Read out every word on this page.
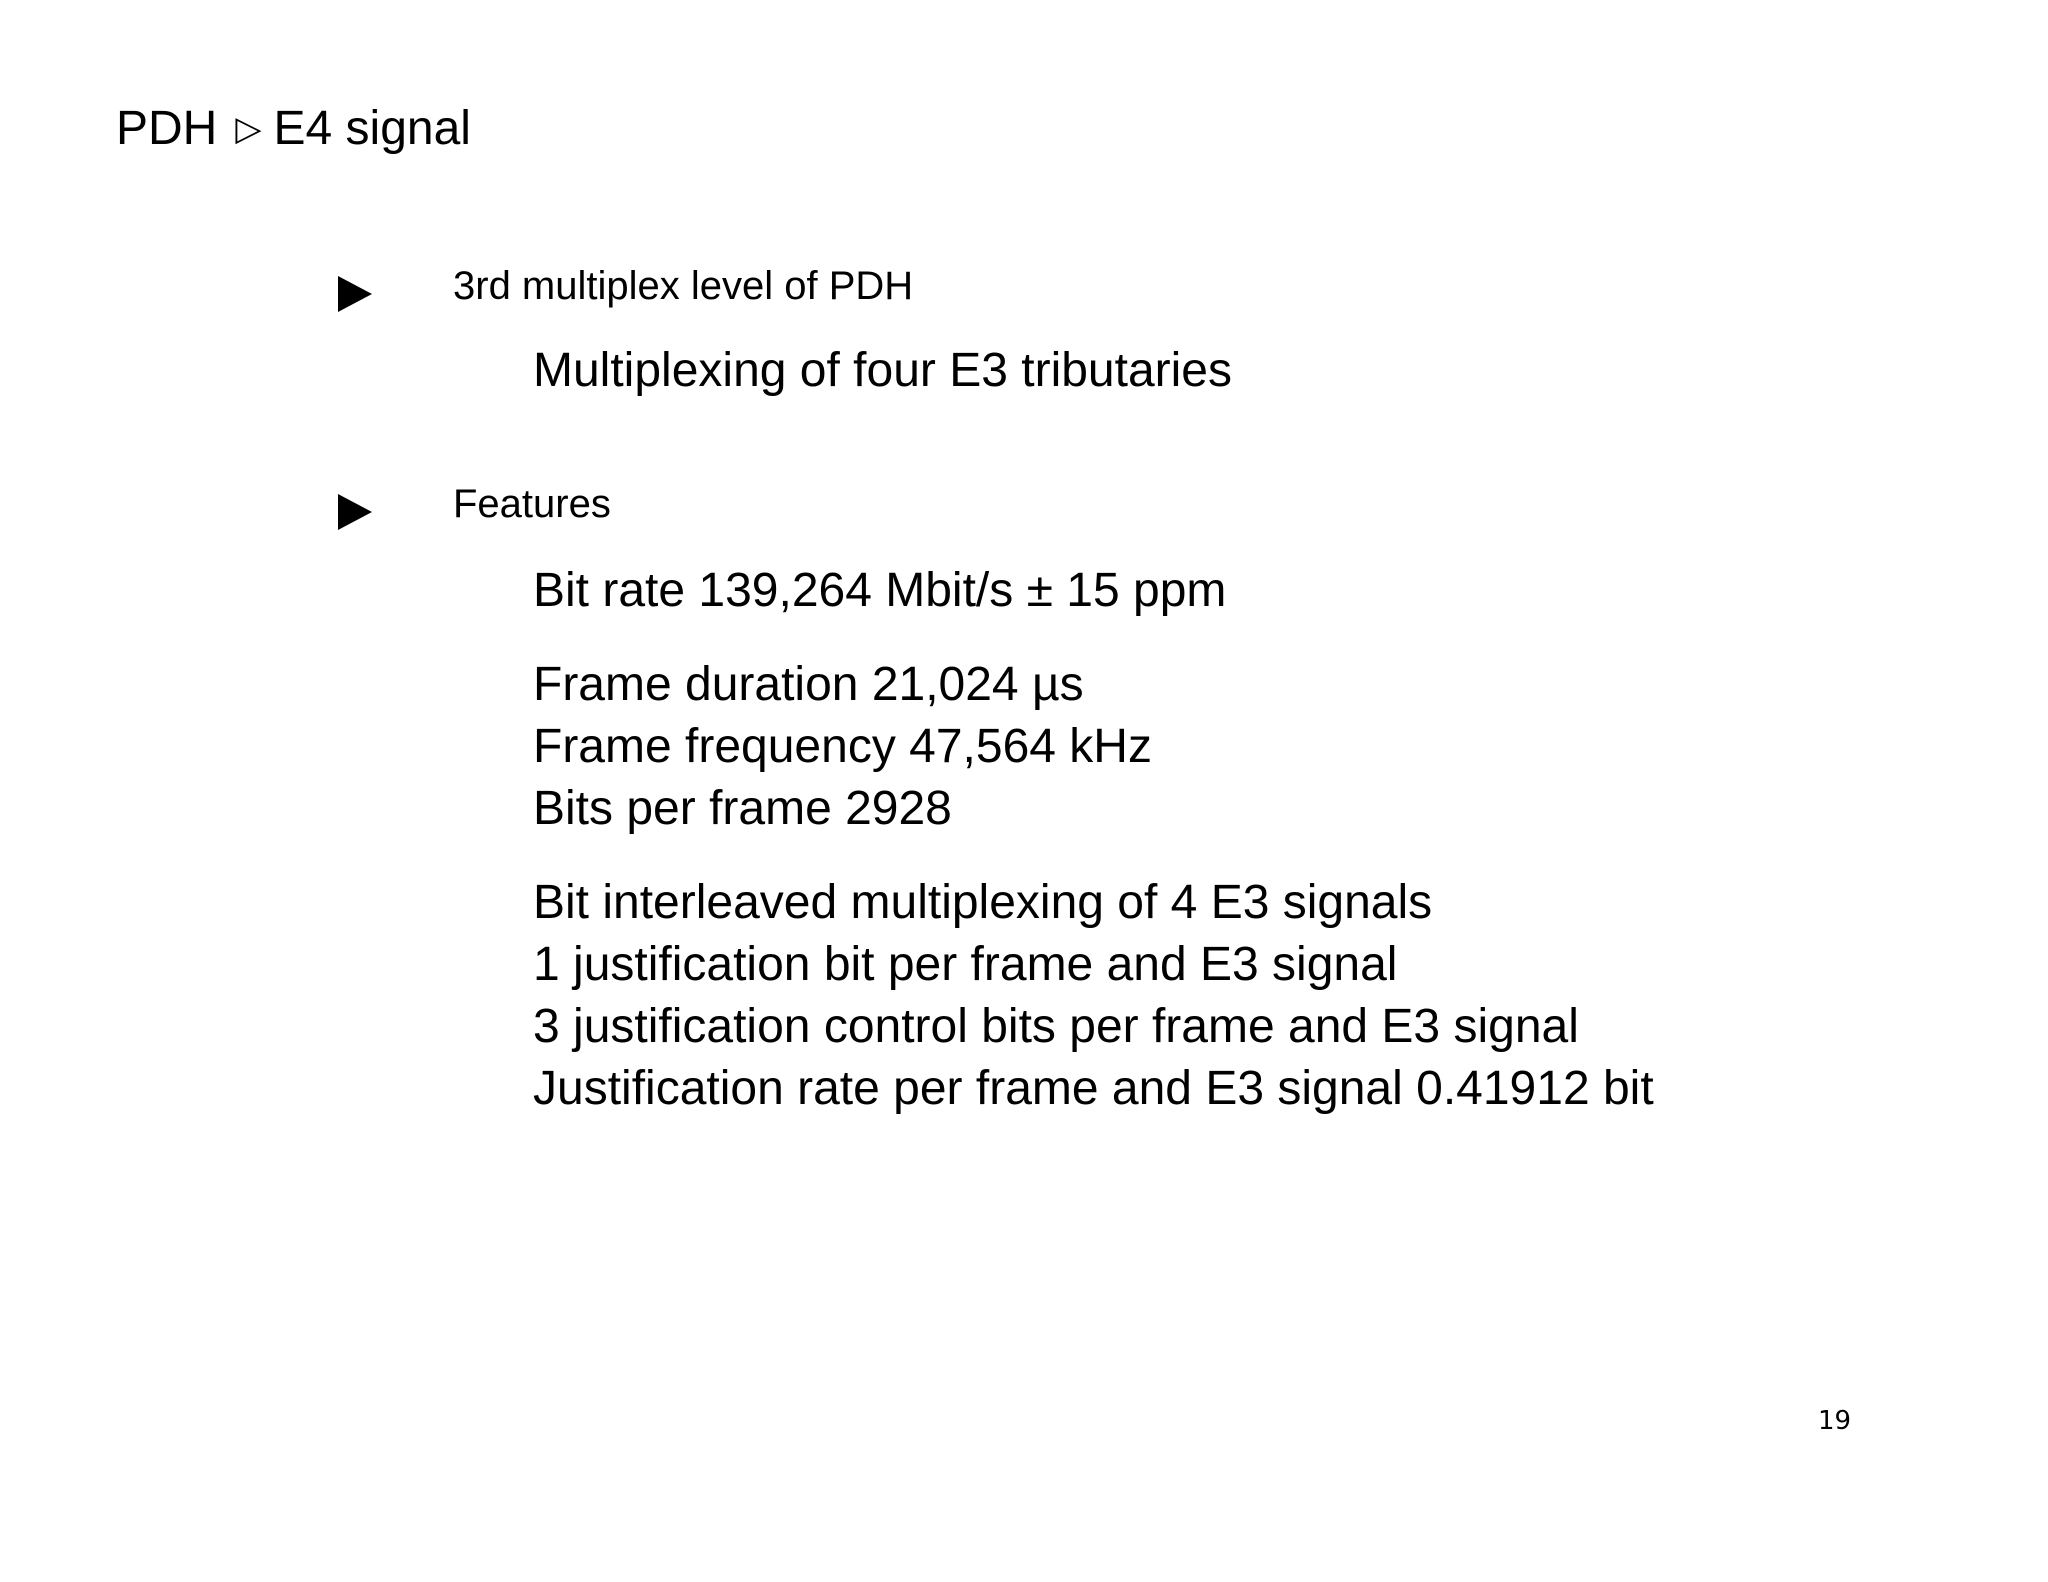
PDH ▷ E4 signal
3rd multiplex level of PDH
Multiplexing of four E3 tributaries
Features
Bit rate 139,264 Mbit/s ± 15 ppm
Frame duration 21,024 µs
Frame frequency 47,564 kHz
Bits per frame 2928
Bit interleaved multiplexing of 4 E3 signals
1 justification bit per frame and E3 signal
3 justification control bits per frame and E3 signal
Justification rate per frame and E3 signal 0.41912 bit
19
